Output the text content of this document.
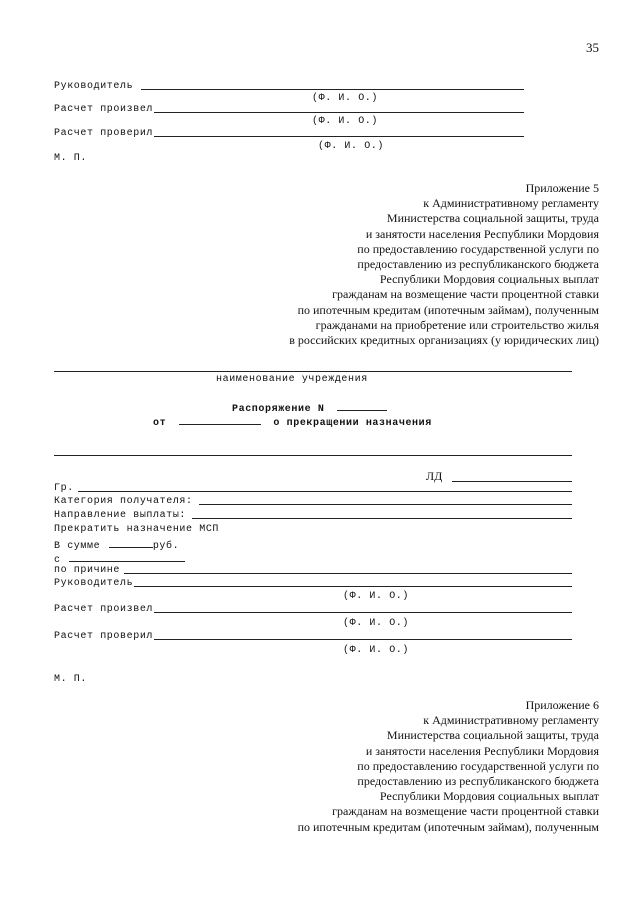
35
Руководитель
(Ф. И. О.)
Расчет произвел
(Ф. И. О.)
Расчет проверил
(Ф. И. О.)
М. П.
Приложение 5
к Административному регламенту
Министерства социальной защиты, труда
и занятости населения Республики Мордовия
по предоставлению государственной услуги по
предоставлению из республиканского бюджета
Республики Мордовия социальных выплат
гражданам на возмещение части процентной ставки
по ипотечным кредитам (ипотечным займам), полученным
гражданами на приобретение или строительство жилья
в российских кредитных организациях (у юридических лиц)
наименование учреждения
Распоряжение N
от	о прекращении назначения
ЛД
Гр.
Категория получателя:
Направление выплаты:
Прекратить назначение МСП
В сумме	руб.
с
по причине
Руководитель
(Ф. И. О.)
Расчет произвел
(Ф. И. О.)
Расчет проверил
(Ф. И. О.)
М. П.
Приложение 6
к Административному регламенту
Министерства социальной защиты, труда
и занятости населения Республики Мордовия
по предоставлению государственной услуги по
предоставлению из республиканского бюджета
Республики Мордовия социальных выплат
гражданам на возмещение части процентной ставки
по ипотечным кредитам (ипотечным займам), полученным
